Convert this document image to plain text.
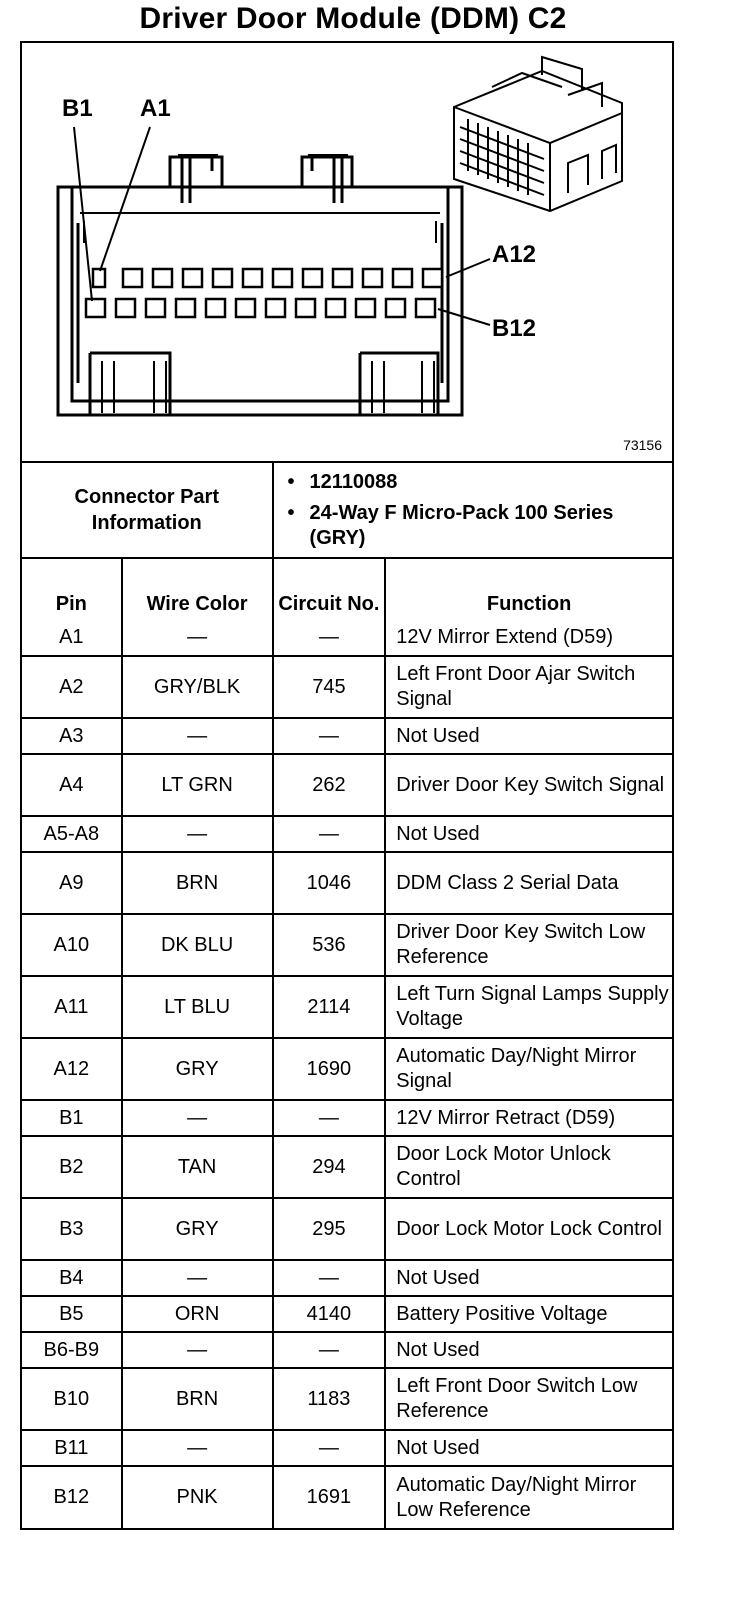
Driver Door Module (DDM) C2
B1 A1
A12
B12
73156
Connector Part Information		• 12110088
• 24-Way F Micro-Pack 100 Series (GRY)	

Pin	Wire Color	Circuit No.	Function
A1	—	—	12V Mirror Extend (D59)
A2	GRY/BLK	745	Left Front Door Ajar Switch Signal
A3	—	—	Not Used
A4	LT GRN	262	Driver Door Key Switch Signal
A5-A8	—	—	Not Used
A9	BRN	1046	DDM Class 2 Serial Data
A10	DK BLU	536	Driver Door Key Switch Low Reference
A11	LT BLU	2114	Left Turn Signal Lamps Supply Voltage
A12	GRY	1690	Automatic Day/Night Mirror Signal
B1	—	—	12V Mirror Retract (D59)
B2	TAN	294	Door Lock Motor Unlock Control
B3	GRY	295	Door Lock Motor Lock Control
B4	—	—	Not Used
B5	ORN	4140	Battery Positive Voltage
B6-B9	—	—	Not Used
B10	BRN	1183	Left Front Door Switch Low Reference
B11	—	—	Not Used
B12	PNK	1691	Automatic Day/Night Mirror Low Reference
